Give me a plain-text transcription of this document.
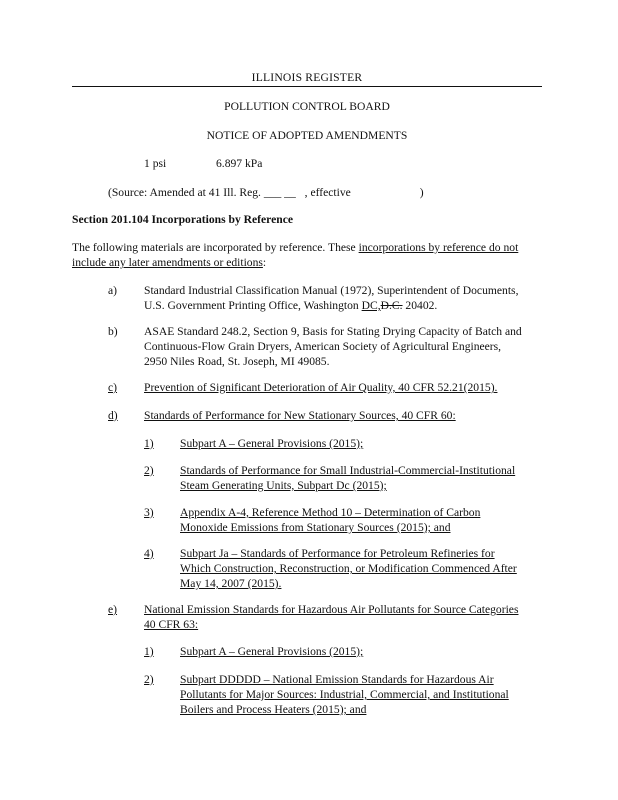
ILLINOIS REGISTER
POLLUTION CONTROL BOARD
NOTICE OF ADOPTED AMENDMENTS
1 psi	6.897 kPa
(Source: Amended at 41 Ill. Reg. ___ __ , effective	)
Section 201.104 Incorporations by Reference
The following materials are incorporated by reference. These incorporations by reference do not
include any later amendments or editions:
a) Standard Industrial Classification Manual (1972), Superintendent of Documents,
U.S. Government Printing Office, Washington DC,D.C. 20402.
b) ASAE Standard 248.2, Section 9, Basis for Stating Drying Capacity of Batch and
Continuous-Flow Grain Dryers, American Society of Agricultural Engineers,
2950 Niles Road, St. Joseph, MI 49085.
c) Prevention of Significant Deterioration of Air Quality, 40 CFR 52.21(2015).
d) Standards of Performance for New Stationary Sources, 40 CFR 60:
1) Subpart A – General Provisions (2015);
2) Standards of Performance for Small Industrial-Commercial-Institutional
Steam Generating Units, Subpart Dc (2015);
3) Appendix A-4, Reference Method 10 – Determination of Carbon
Monoxide Emissions from Stationary Sources (2015); and
4) Subpart Ja – Standards of Performance for Petroleum Refineries for
Which Construction, Reconstruction, or Modification Commenced After
May 14, 2007 (2015).
e) National Emission Standards for Hazardous Air Pollutants for Source Categories
40 CFR 63:
1) Subpart A – General Provisions (2015);
2) Subpart DDDDD – National Emission Standards for Hazardous Air
Pollutants for Major Sources: Industrial, Commercial, and Institutional
Boilers and Process Heaters (2015); and
